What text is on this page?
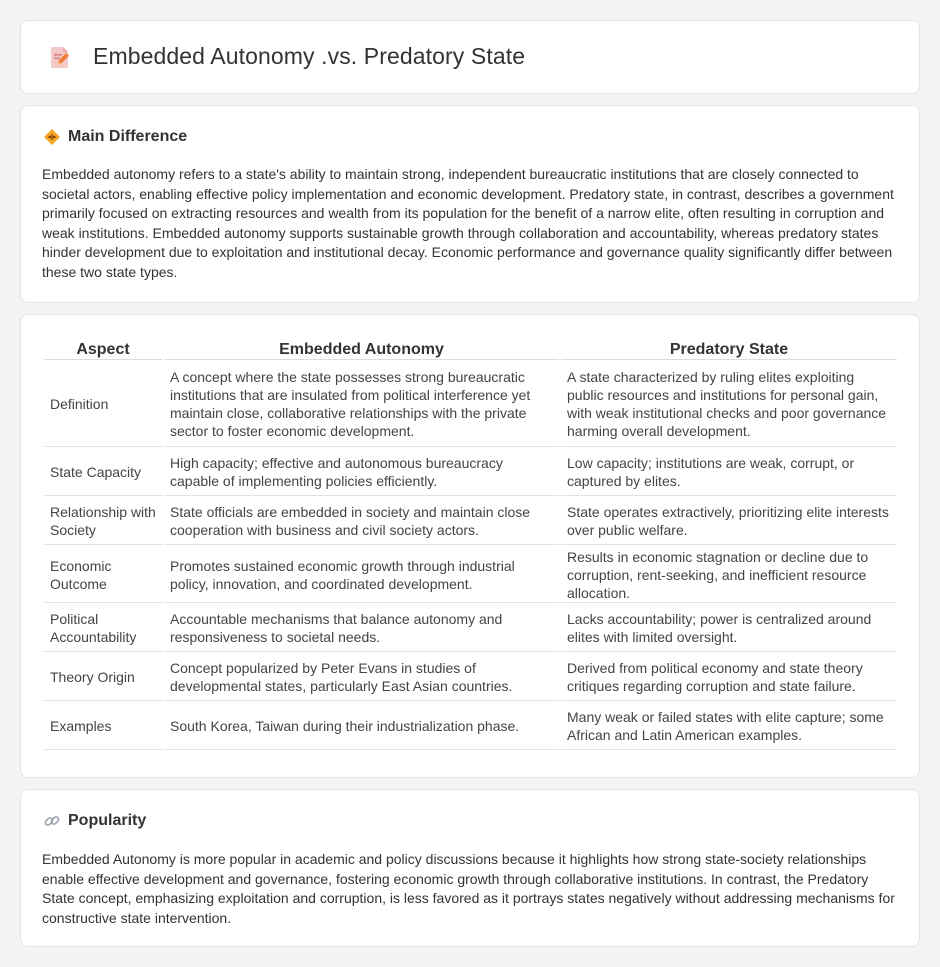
Embedded Autonomy .vs. Predatory State
Main Difference

Embedded autonomy refers to a state's ability to maintain strong, independent bureaucratic institutions that are closely connected to societal actors, enabling effective policy implementation and economic development. Predatory state, in contrast, describes a government primarily focused on extracting resources and wealth from its population for the benefit of a narrow elite, often resulting in corruption and weak institutions. Embedded autonomy supports sustainable growth through collaboration and accountability, whereas predatory states hinder development due to exploitation and institutional decay. Economic performance and governance quality significantly differ between these two state types.

Aspect	Embedded Autonomy	Predatory State
Definition	A concept where the state possesses strong bureaucratic institutions that are insulated from political interference yet maintain close, collaborative relationships with the private sector to foster economic development.	A state characterized by ruling elites exploiting public resources and institutions for personal gain, with weak institutional checks and poor governance harming overall development.
State Capacity	High capacity; effective and autonomous bureaucracy capable of implementing policies efficiently.	Low capacity; institutions are weak, corrupt, or captured by elites.
Relationship with Society	State officials are embedded in society and maintain close cooperation with business and civil society actors.	State operates extractively, prioritizing elite interests over public welfare.
Economic Outcome	Promotes sustained economic growth through industrial policy, innovation, and coordinated development.	Results in economic stagnation or decline due to corruption, rent-seeking, and inefficient resource allocation.
Political Accountability	Accountable mechanisms that balance autonomy and responsiveness to societal needs.	Lacks accountability; power is centralized around elites with limited oversight.
Theory Origin	Concept popularized by Peter Evans in studies of developmental states, particularly East Asian countries.	Derived from political economy and state theory critiques regarding corruption and state failure.
Examples	South Korea, Taiwan during their industrialization phase.	Many weak or failed states with elite capture; some African and Latin American examples.
Popularity

Embedded Autonomy is more popular in academic and policy discussions because it highlights how strong state-society relationships enable effective development and governance, fostering economic growth through collaborative institutions. In contrast, the Predatory State concept, emphasizing exploitation and corruption, is less favored as it portrays states negatively without addressing mechanisms for constructive state intervention.
